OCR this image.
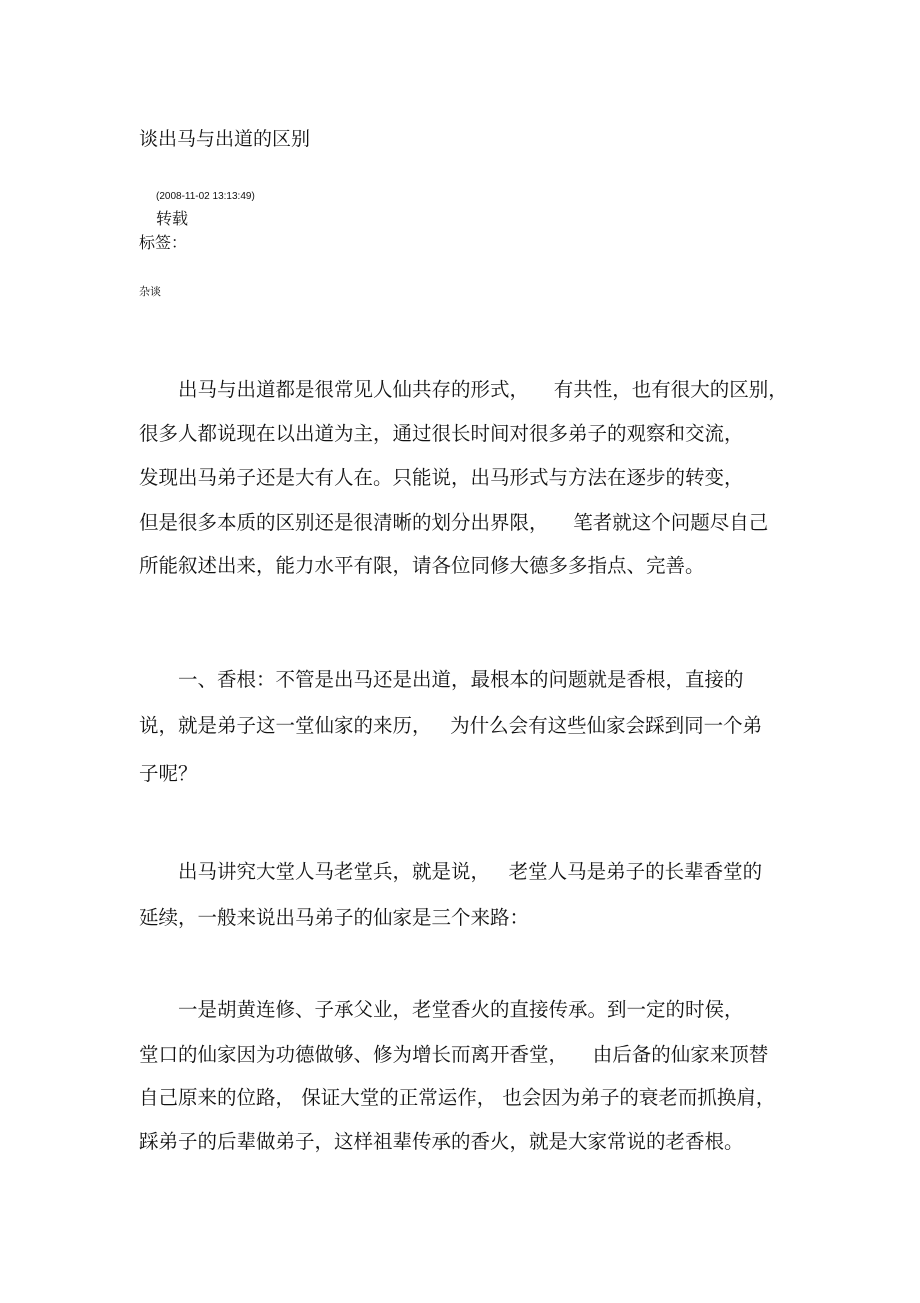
谈出马与出道的区别
(2008-11-02 13:13:49)
转载
标签：
杂谈
出马与出道都是很常见人仙共存的形式，    有共性，也有很大的区别，
很多人都说现在以出道为主，通过很长时间对很多弟子的观察和交流，
发现出马弟子还是大有人在。只能说，出马形式与方法在逐步的转变，
但是很多本质的区别还是很清晰的划分出界限，    笔者就这个问题尽自己
所能叙述出来，能力水平有限，请各位同修大德多多指点、完善。
一、香根：不管是出马还是出道，最根本的问题就是香根，直接的
说，就是弟子这一堂仙家的来历，   为什么会有这些仙家会踩到同一个弟
子呢？
出马讲究大堂人马老堂兵，就是说，   老堂人马是弟子的长辈香堂的
延续，一般来说出马弟子的仙家是三个来路：
一是胡黄连修、子承父业，老堂香火的直接传承。到一定的时侯，
堂口的仙家因为功德做够、修为增长而离开香堂，    由后备的仙家来顶替
自己原来的位路， 保证大堂的正常运作， 也会因为弟子的衰老而抓换肩，
踩弟子的后辈做弟子，这样祖辈传承的香火，就是大家常说的老香根。
